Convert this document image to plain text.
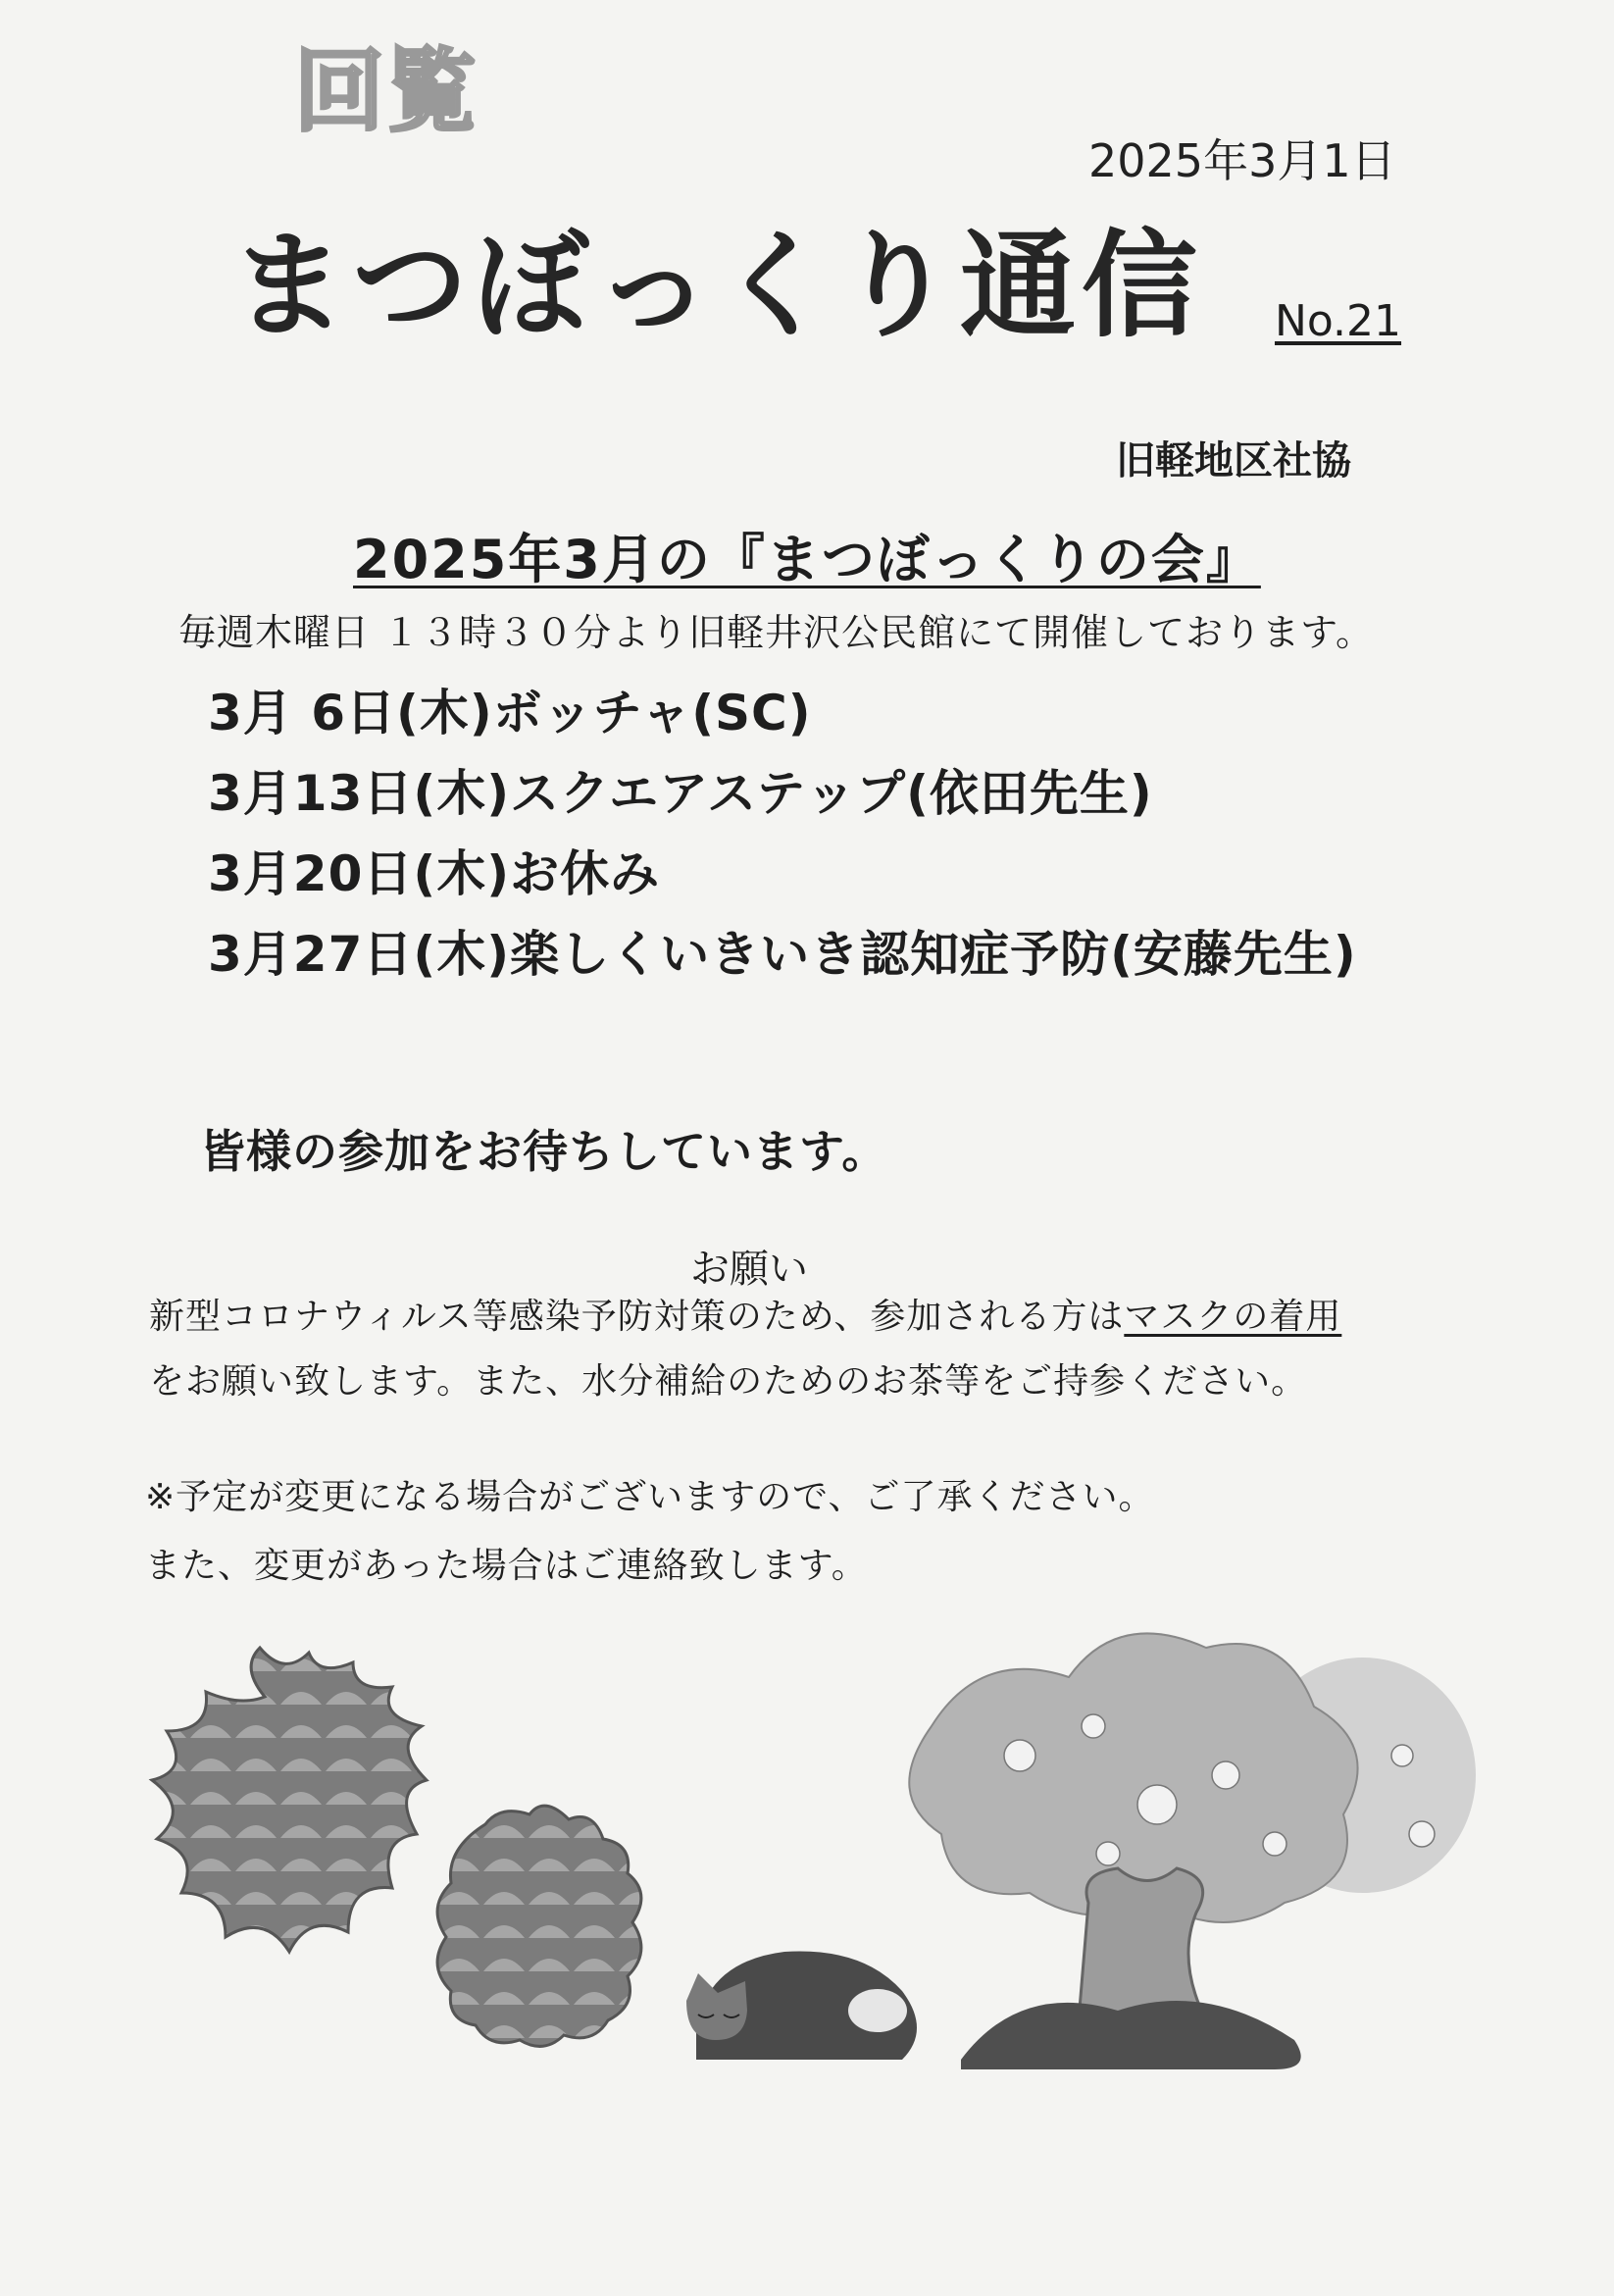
回覧
2025年3月1日
まつぼっくり通信 No.21
旧軽地区社協
2025年3月の『まつぼっくりの会』
毎週木曜日 １３時３０分より旧軽井沢公民館にて開催しております。
3月 6日(木)ボッチャ(SC)
3月13日(木)スクエアステップ(依田先生)
3月20日(木)お休み
3月27日(木)楽しくいきいき認知症予防(安藤先生)
皆様の参加をお待ちしています。
お願い
新型コロナウィルス等感染予防対策のため、参加される方はマスクの着用
をお願い致します。また、水分補給のためのお茶等をご持参ください。
※予定が変更になる場合がございますので、ご了承ください。
また、変更があった場合はご連絡致します。
